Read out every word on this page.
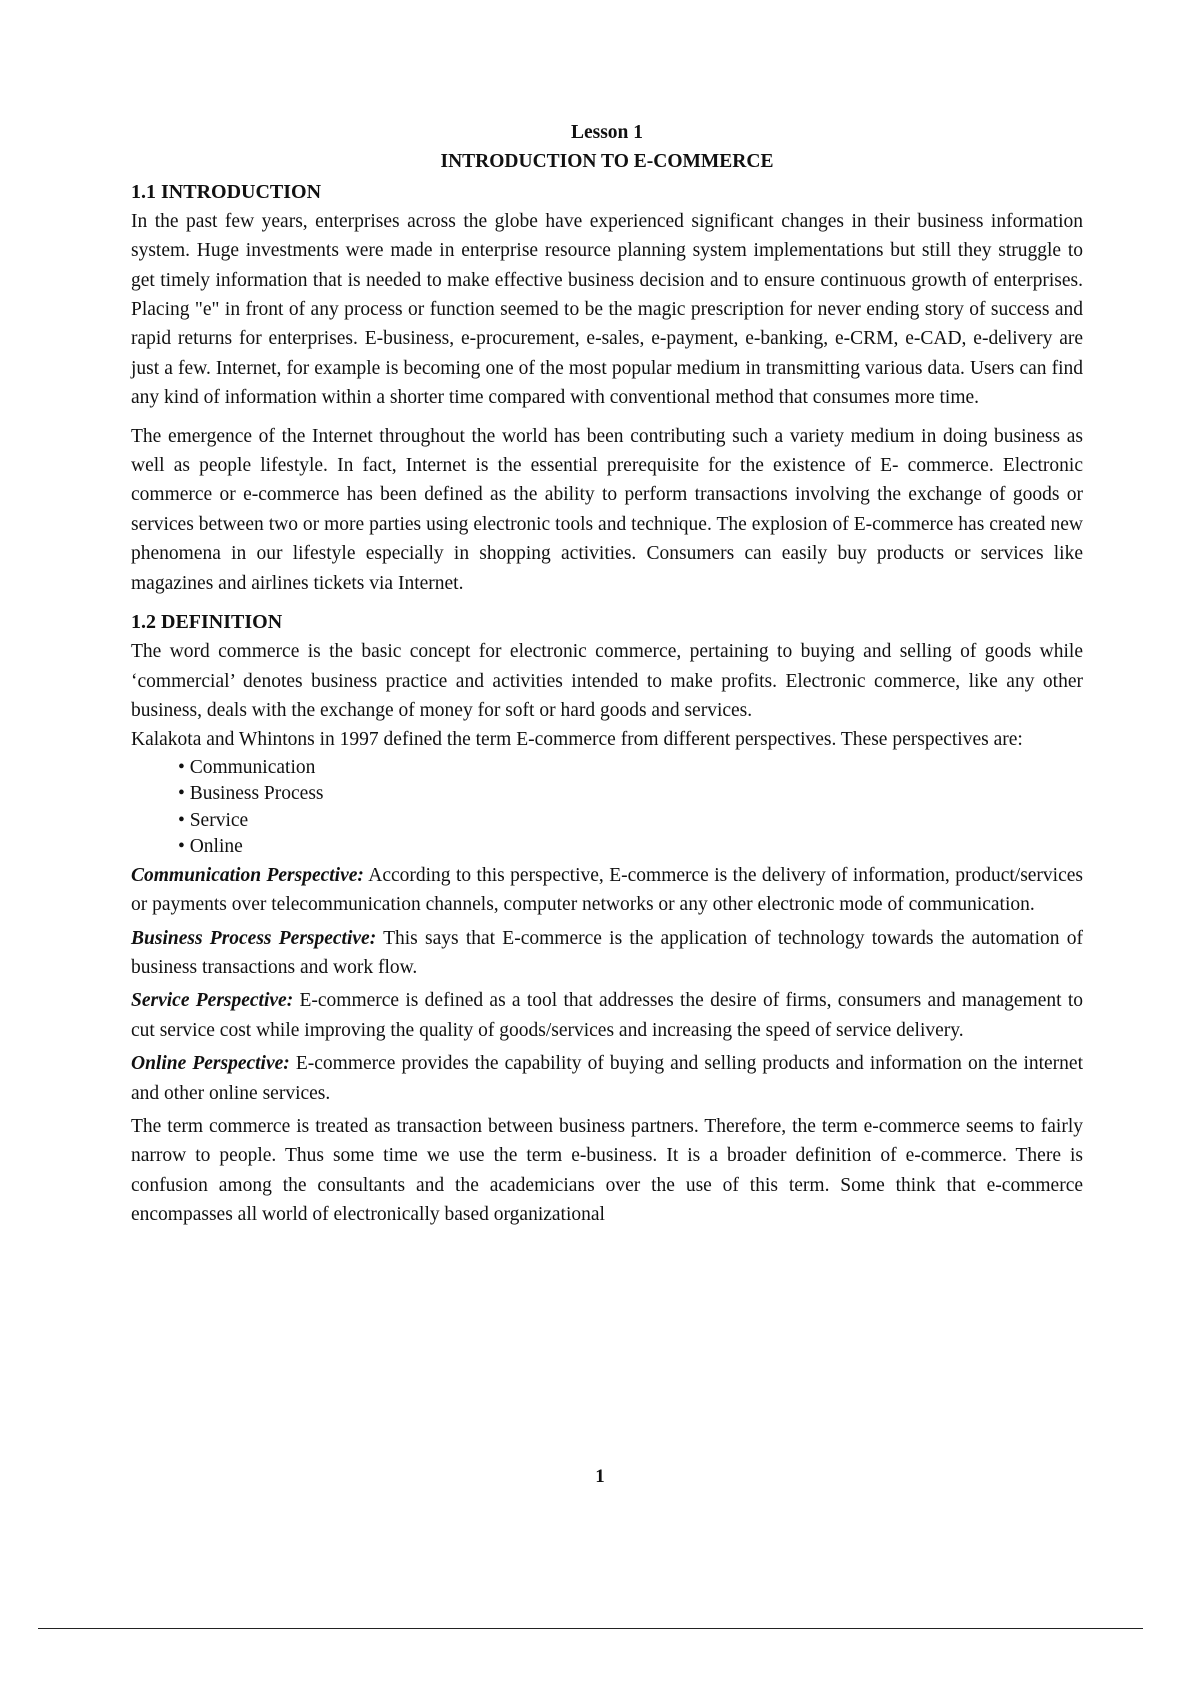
Lesson 1
INTRODUCTION TO E-COMMERCE
1.1 INTRODUCTION

In the past few years, enterprises across the globe have experienced significant changes in their business information system. Huge investments were made in enterprise resource planning system implementations but still they struggle to get timely information that is needed to make effective business decision and to ensure continuous growth of enterprises. Placing "e" in front of any process or function seemed to be the magic prescription for never ending story of success and rapid returns for enterprises. E-business, e-procurement, e-sales, e-payment, e-banking, e-CRM, e-CAD, e-delivery are just a few. Internet, for example is becoming one of the most popular medium in transmitting various data. Users can find any kind of information within a shorter time compared with conventional method that consumes more time.

The emergence of the Internet throughout the world has been contributing such a variety medium in doing business as well as people lifestyle. In fact, Internet is the essential prerequisite for the existence of E- commerce. Electronic commerce or e-commerce has been defined as the ability to perform transactions involving the exchange of goods or services between two or more parties using electronic tools and technique. The explosion of E-commerce has created new phenomena in our lifestyle especially in shopping activities. Consumers can easily buy products or services like magazines and airlines tickets via Internet.

1.2 DEFINITION

The word commerce is the basic concept for electronic commerce, pertaining to buying and selling of goods while ‘commercial’ denotes business practice and activities intended to make profits. Electronic commerce, like any other business, deals with the exchange of money for soft or hard goods and services.

Kalakota and Whintons in 1997 defined the term E-commerce from different perspectives. These perspectives are:

• Communication
• Business Process
• Service
• Online

Communication Perspective: According to this perspective, E-commerce is the delivery of information, product/services or payments over telecommunication channels, computer networks or any other electronic mode of communication.

Business Process Perspective: This says that E-commerce is the application of technology towards the automation of business transactions and work flow.

Service Perspective: E-commerce is defined as a tool that addresses the desire of firms, consumers and management to cut service cost while improving the quality of goods/services and increasing the speed of service delivery.

Online Perspective: E-commerce provides the capability of buying and selling products and information on the internet and other online services.

The term commerce is treated as transaction between business partners. Therefore, the term e-commerce seems to fairly narrow to people. Thus some time we use the term e-business. It is a broader definition of e-commerce. There is confusion among the consultants and the academicians over the use of this term. Some think that e-commerce encompasses all world of electronically based organizational

1
